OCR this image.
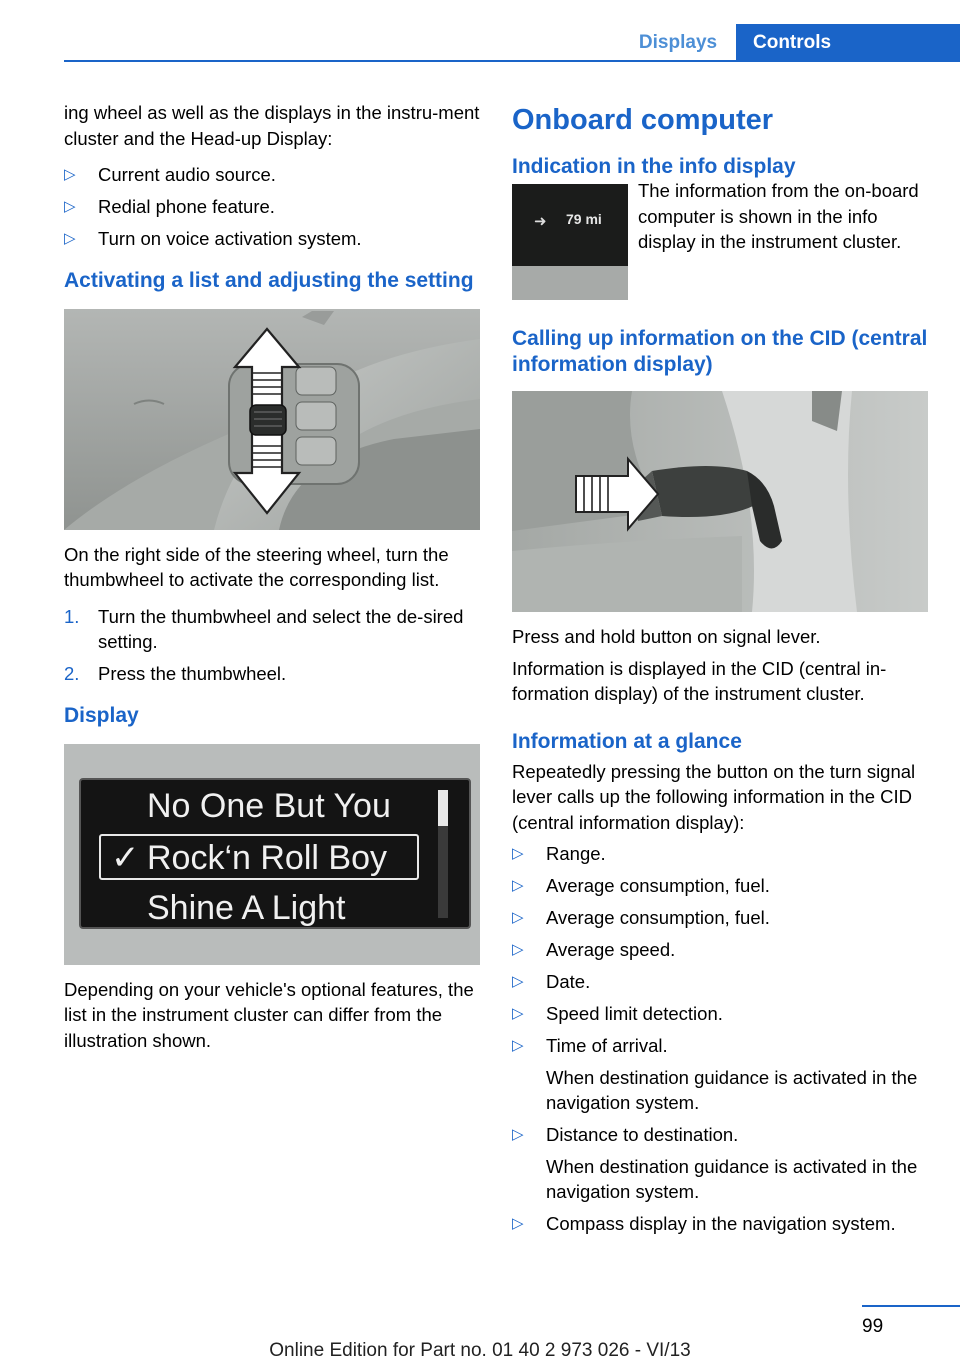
Displays	Controls

ing wheel as well as the displays in the instru-ment cluster and the Head-up Display:

▷ Current audio source.
▷ Redial phone feature.
▷ Turn on voice activation system.
Activating a list and adjusting the setting

On the right side of the steering wheel, turn the thumbwheel to activate the corresponding list.

1. Turn the thumbwheel and select the de-sired setting.
2. Press the thumbwheel.
Display
No One But You
✓ Rock‘n Roll Boy
Shine A Light

Depending on your vehicle's optional features, the list in the instrument cluster can differ from the illustration shown.

Onboard computer
Indication in the info display
➜ 79 mi

The information from the on-board computer is shown in the info display in the instrument cluster.

Calling up information on the CID (central information display)

Press and hold button on signal lever.

Information is displayed in the CID (central in-formation display) of the instrument cluster.

Information at a glance

Repeatedly pressing the button on the turn signal lever calls up the following information in the CID (central information display):

▷ Range.
▷ Average consumption, fuel.
▷ Average consumption, fuel.
▷ Average speed.
▷ Date.
▷ Speed limit detection.
▷ Time of arrival.
When destination guidance is activated in the navigation system.
▷ Distance to destination.
When destination guidance is activated in the navigation system.
▷ Compass display in the navigation system.
99
Online Edition for Part no. 01 40 2 973 026 - VI/13
